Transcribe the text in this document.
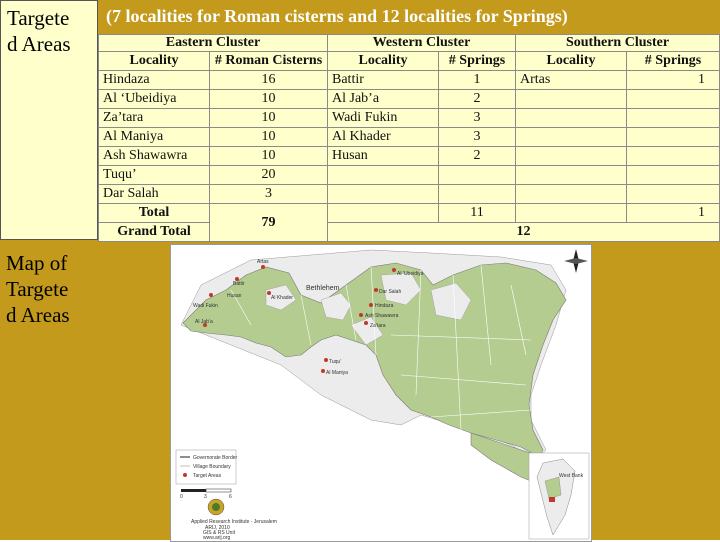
Targete
d Areas

Map of
Targete
d Areas

(7 localities for Roman cisterns and 12 localities for Springs)
Eastern Cluster		Western Cluster		Southern Cluster	
Locality	# Roman Cisterns	Locality	# Springs	Locality	# Springs
Hindaza	16	Battir	1	Artas	1
Al ‘Ubeidiya	10	Al Jab’a	2		
Za’tara	10	Wadi Fukin	3		
Al Maniya	10	Al Khader	3		
Ash Shawawra	10	Husan	2		
Tuqu’	20				
Dar Salah	3				
Total	79		11		1
Grand Total		12			
Bethlehem
Al ‘Ubeidiya
Dar Salah
Hindaza
Ash Shawawra
Za’tara
Tuqu’
Al Maniya
Battir
Al Khader
Husan
Wadi Fukin
Al Jab’a
Artas
Governorate Border
Village Boundary
Target Areas
0	3	6
Applied Research Institute - Jerusalem
ARIJ, 2010
GIS & RS Unit
www.arij.org
West Bank
